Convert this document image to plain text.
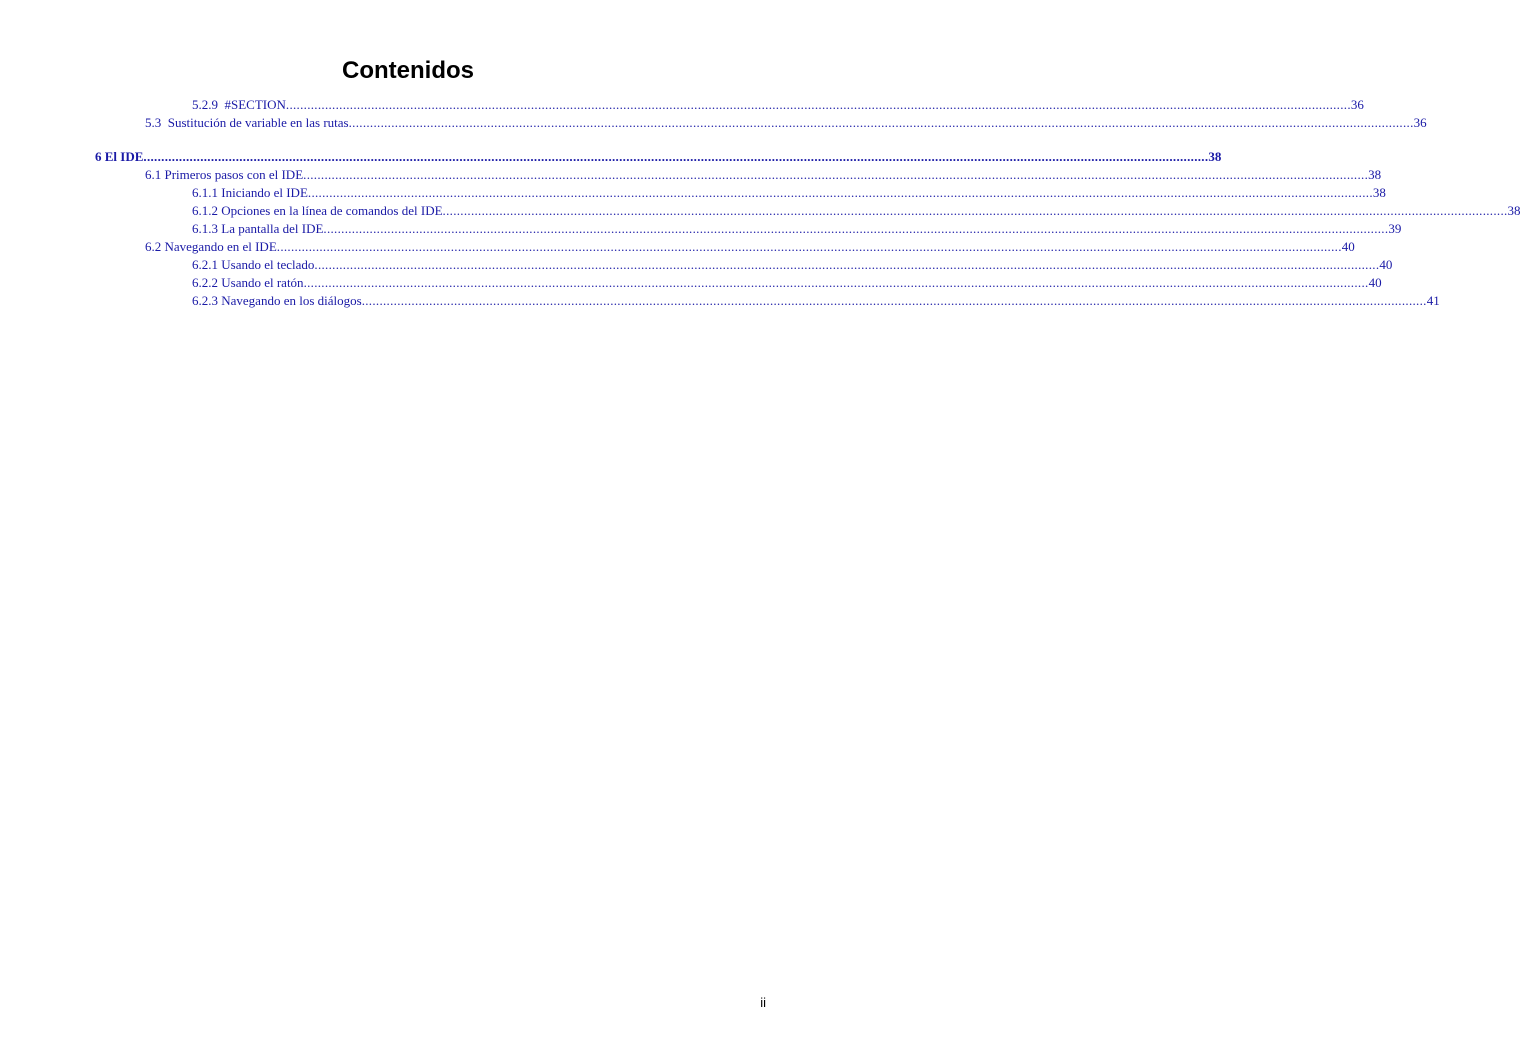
Contenidos
5.2.9  #SECTION ............................................................................................................................................................................................................................................................................................................ 36
5.3  Sustitución de variable en las rutas ............................................................................................................................................................................................................................................................................................................ 36
6 El IDE ............................................................................................................................................................................................................................................................................................................ 38
6.1 Primeros pasos con el IDE ............................................................................................................................................................................................................................................................................................................ 38
6.1.1 Iniciando el IDE ............................................................................................................................................................................................................................................................................................................ 38
6.1.2 Opciones en la línea de comandos del IDE ............................................................................................................................................................................................................................................................................................................ 38
6.1.3 La pantalla del IDE ............................................................................................................................................................................................................................................................................................................ 39
6.2 Navegando en el IDE ............................................................................................................................................................................................................................................................................................................ 40
6.2.1 Usando el teclado ............................................................................................................................................................................................................................................................................................................ 40
6.2.2 Usando el ratón ............................................................................................................................................................................................................................................................................................................ 40
6.2.3 Navegando en los diálogos ............................................................................................................................................................................................................................................................................................................ 41
ii
